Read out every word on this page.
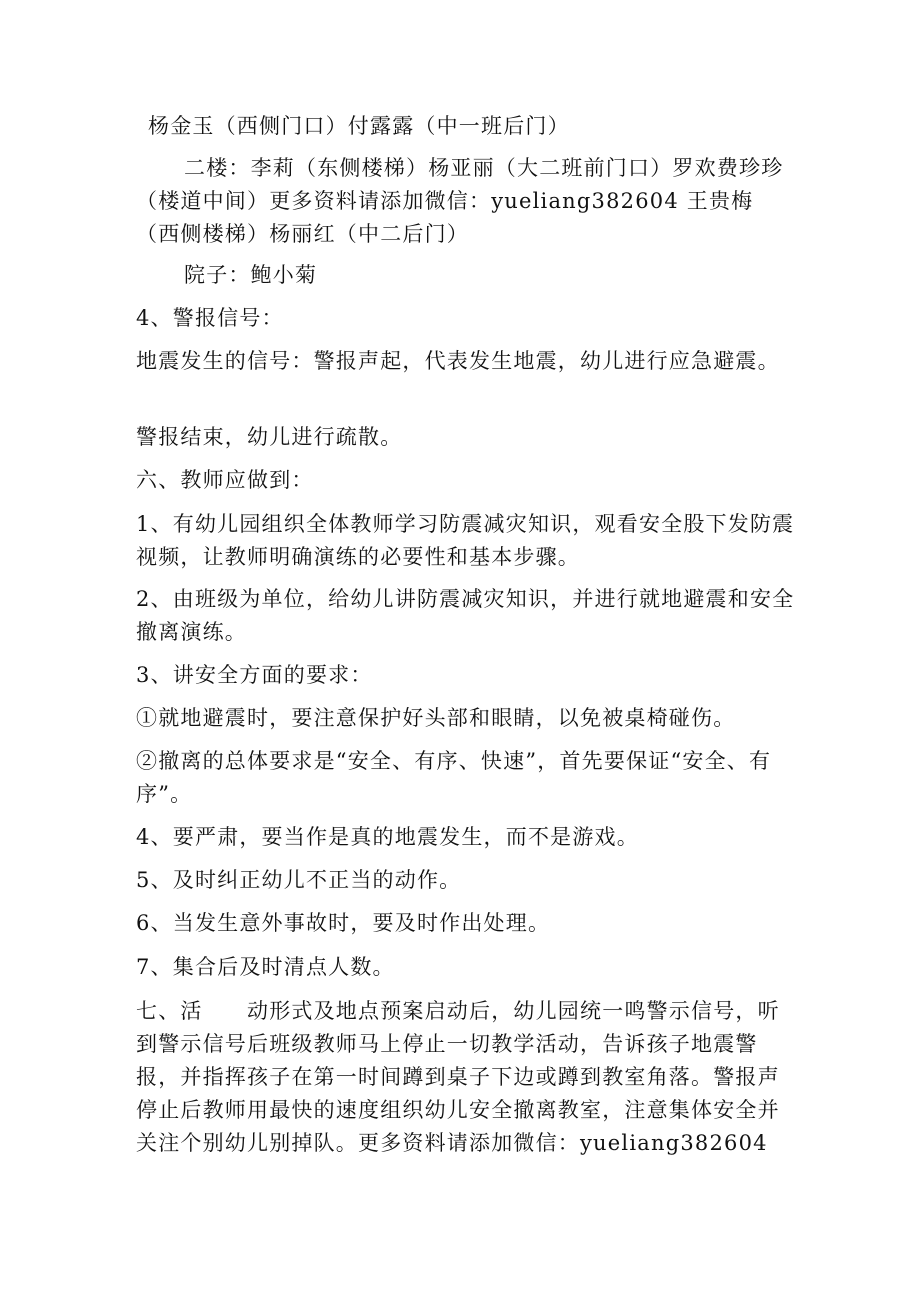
杨金玉（西侧门口）付露露（中一班后门）

二楼：李莉（东侧楼梯）杨亚丽（大二班前门口）罗欢费珍珍（楼道中间）更多资料请添加微信：yueliang382604 王贵梅（西侧楼梯）杨丽红（中二后门）

院子：鲍小菊

4、警报信号：

地震发生的信号：警报声起，代表发生地震，幼儿进行应急避震。

警报结束，幼儿进行疏散。

六、教师应做到：

1、有幼儿园组织全体教师学习防震减灾知识，观看安全股下发防震视频，让教师明确演练的必要性和基本步骤。

2、由班级为单位，给幼儿讲防震减灾知识，并进行就地避震和安全撤离演练。

3、讲安全方面的要求：

①就地避震时，要注意保护好头部和眼睛，以免被桌椅碰伤。

②撤离的总体要求是“安全、有序、快速”，首先要保证“安全、有序”。

4、要严肃，要当作是真的地震发生，而不是游戏。

5、及时纠正幼儿不正当的动作。

6、当发生意外事故时，要及时作出处理。

7、集合后及时清点人数。

七、活　　动形式及地点预案启动后，幼儿园统一鸣警示信号，听到警示信号后班级教师马上停止一切教学活动，告诉孩子地震警报，并指挥孩子在第一时间蹲到桌子下边或蹲到教室角落。警报声停止后教师用最快的速度组织幼儿安全撤离教室，注意集体安全并关注个别幼儿别掉队。更多资料请添加微信：yueliang382604
